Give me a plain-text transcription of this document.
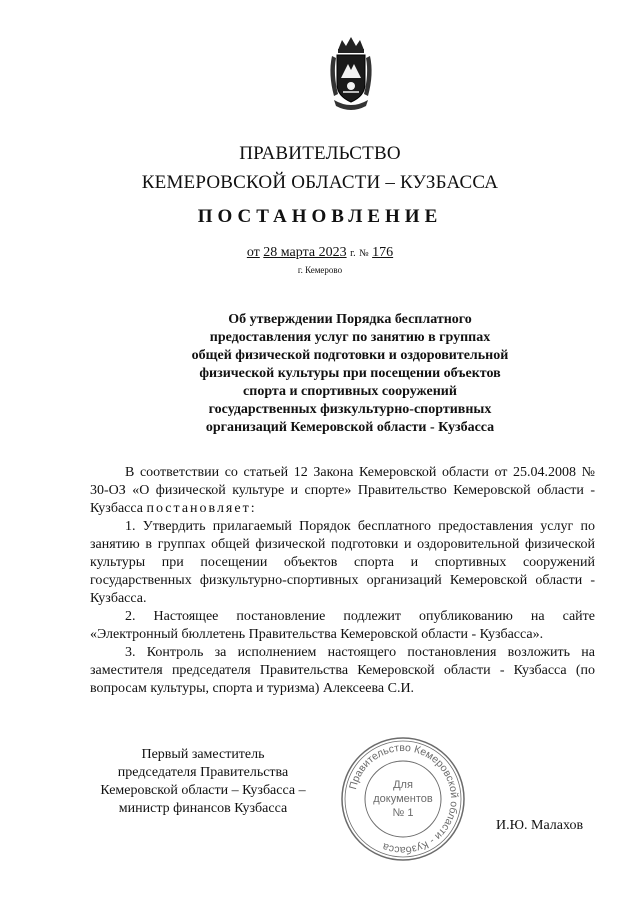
ПРАВИТЕЛЬСТВО
КЕМЕРОВСКОЙ ОБЛАСТИ – КУЗБАССА
ПОСТАНОВЛЕНИЕ
от 28 марта 2023 г. № 176
г. Кемерово
Об утверждении Порядка бесплатного
предоставления услуг по занятию в группах
общей физической подготовки и оздоровительной
физической культуры при посещении объектов
спорта и спортивных сооружений
государственных физкультурно-спортивных
организаций Кемеровской области - Кузбасса

В соответствии со статьей 12 Закона Кемеровской области от 25.04.2008 № 30-ОЗ «О физической культуре и спорте» Правительство Кемеровской области - Кузбасса постановляет:

1. Утвердить прилагаемый Порядок бесплатного предоставления услуг по занятию в группах общей физической подготовки и оздоровительной физической культуры при посещении объектов спорта и спортивных сооружений государственных физкультурно-спортивных организаций Кемеровской области - Кузбасса.

2. Настоящее постановление подлежит опубликованию на сайте «Электронный бюллетень Правительства Кемеровской области - Кузбасса».

3. Контроль за исполнением настоящего постановления возложить на заместителя председателя Правительства Кемеровской области - Кузбасса (по вопросам культуры, спорта и туризма) Алексеева С.И.

Первый заместитель
председателя Правительства
Кемеровской области – Кузбасса –
министр финансов Кузбасса
Правительство Кемеровской области - Кузбасса
Для
документов
№ 1
И.Ю. Малахов
